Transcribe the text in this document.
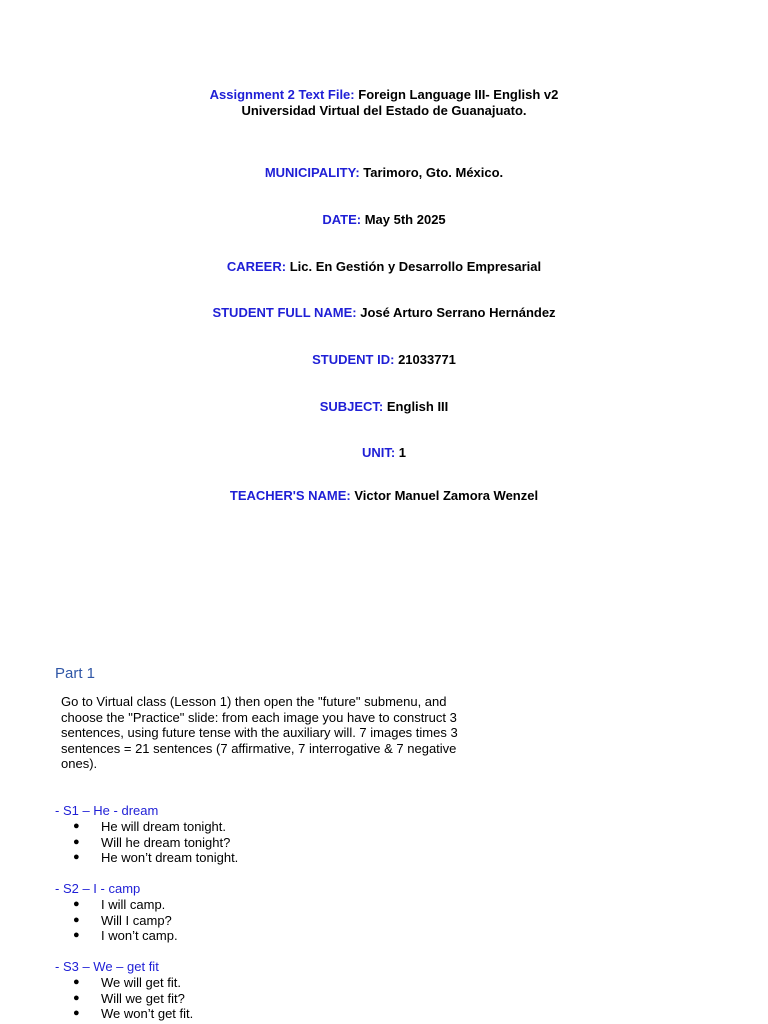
Assignment 2 Text File: Foreign Language III- English v2
Universidad Virtual del Estado de Guanajuato.
MUNICIPALITY: Tarimoro, Gto. México.
DATE: May 5th 2025
CAREER: Lic. En Gestión y Desarrollo Empresarial
STUDENT FULL NAME: José Arturo Serrano Hernández
STUDENT ID: 21033771
SUBJECT: English III
UNIT: 1
TEACHER'S NAME: Victor Manuel Zamora Wenzel
Part 1
Go to Virtual class (Lesson 1) then open the "future" submenu, and choose the "Practice" slide: from each image you have to construct 3 sentences, using future tense with the auxiliary will. 7 images times 3 sentences = 21 sentences (7 affirmative, 7 interrogative & 7 negative ones).
- S1 – He - dream
● He will dream tonight.
● Will he dream tonight?
● He won’t dream tonight.
- S2 – I - camp
● I will camp.
● Will I camp?
● I won’t camp.
- S3 – We – get fit
● We will get fit.
● Will we get fit?
● We won’t get fit.
